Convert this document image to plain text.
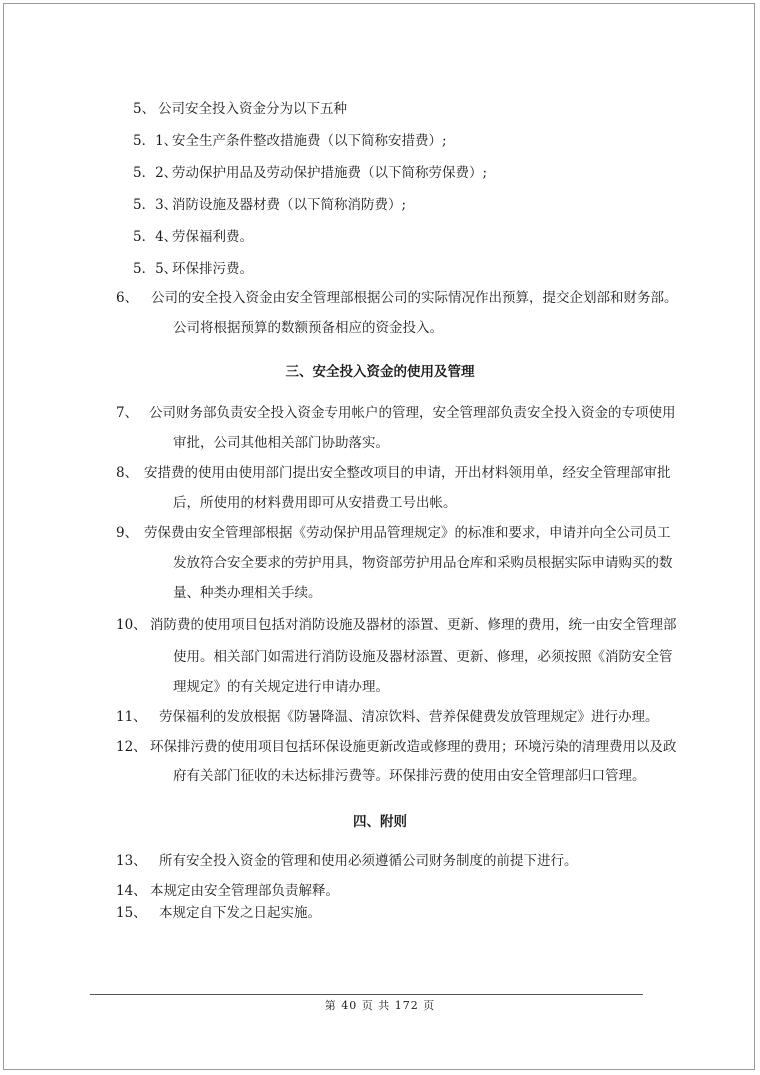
5、 公司安全投入资金分为以下五种
5．1、
安全生产条件整改措施费（以下简称安措费）;
5．2、
劳动保护用品及劳动保护措施费（以下简称劳保费）;
5．3、
消防设施及器材费（以下简称消防费）;
5．4、
劳保福利费。
5．5、
环保排污费。
6、 公司的安全投入资金由安全管理部根据公司的实际情况作出预算，提交企划部和财务部。
公司将根据预算的数额预备相应的资金投入。
三、安全投入资金的使用及管理
7、 公司财务部负责安全投入资金专用帐户的管理，安全管理部负责安全投入资金的专项使用
审批，公司其他相关部门协助落实。
8、 安措费的使用由使用部门提出安全整改项目的申请，开出材料领用单，经安全管理部审批
后，所使用的材料费用即可从安措费工号出帐。
9、 劳保费由安全管理部根据《劳动保护用品管理规定》的标准和要求，申请并向全公司员工
发放符合安全要求的劳护用具，物资部劳护用品仓库和采购员根据实际申请购买的数
量、种类办理相关手续。
10、 消防费的使用项目包括对消防设施及器材的添置、更新、修理的费用，统一由安全管理部
使用。相关部门如需进行消防设施及器材添置、更新、修理，必须按照《消防安全管
理规定》的有关规定进行申请办理。
11、 劳保福利的发放根据《防暑降温、清凉饮料、营养保健费发放管理规定》进行办理。
12、 环保排污费的使用项目包括环保设施更新改造或修理的费用；环境污染的清理费用以及政
府有关部门征收的未达标排污费等。环保排污费的使用由安全管理部归口管理。
四、附则
13、 所有安全投入资金的管理和使用必须遵循公司财务制度的前提下进行。
14、 本规定由安全管理部负责解释。
15、 本规定自下发之日起实施。
第 40 页 共 172 页
